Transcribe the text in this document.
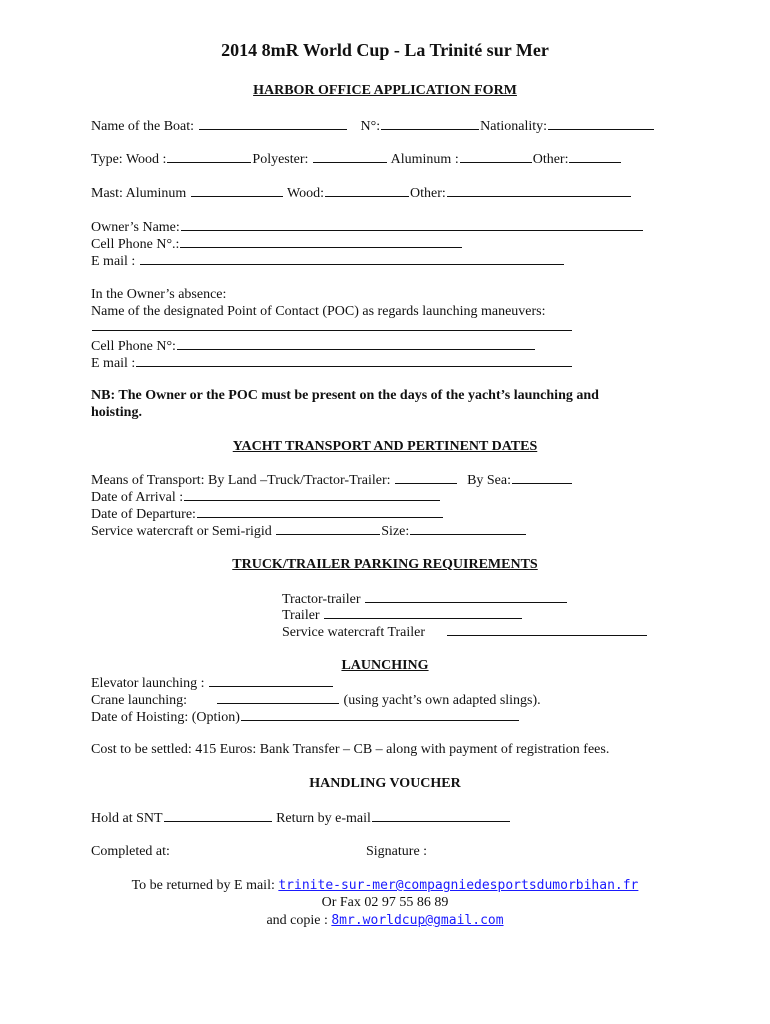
2014 8mR World Cup - La Trinité sur Mer
HARBOR OFFICE APPLICATION FORM
Name of the Boat:	N°:	Nationality:
Type: Wood :	Polyester:	Aluminum :	Other:
Mast: Aluminum	Wood:	Other:
Owner’s Name:
Cell Phone N°.:
E mail :
In the Owner’s absence:
Name of the designated Point of Contact (POC) as regards launching maneuvers:
Cell Phone N°:
E mail :
NB: The Owner or the POC must be present on the days of the yacht’s launching and
hoisting.
YACHT TRANSPORT AND PERTINENT DATES
Means of Transport: By Land –Truck/Tractor-Trailer:	By Sea:
Date of Arrival :
Date of Departure:
Service watercraft or Semi-rigid	Size:
TRUCK/TRAILER PARKING REQUIREMENTS
Tractor-trailer
Trailer
Service watercraft Trailer
LAUNCHING
Elevator launching :
Crane launching:	(using yacht’s own adapted slings).
Date of Hoisting: (Option)
Cost to be settled: 415 Euros: Bank Transfer – CB – along with payment of registration fees.
HANDLING VOUCHER
Hold at SNT	Return by e-mail
Completed at:	Signature :
To be returned by E mail: trinite-sur-mer@compagniedesportsdumorbihan.fr
Or Fax 02 97 55 86 89
and copie : 8mr.worldcup@gmail.com
